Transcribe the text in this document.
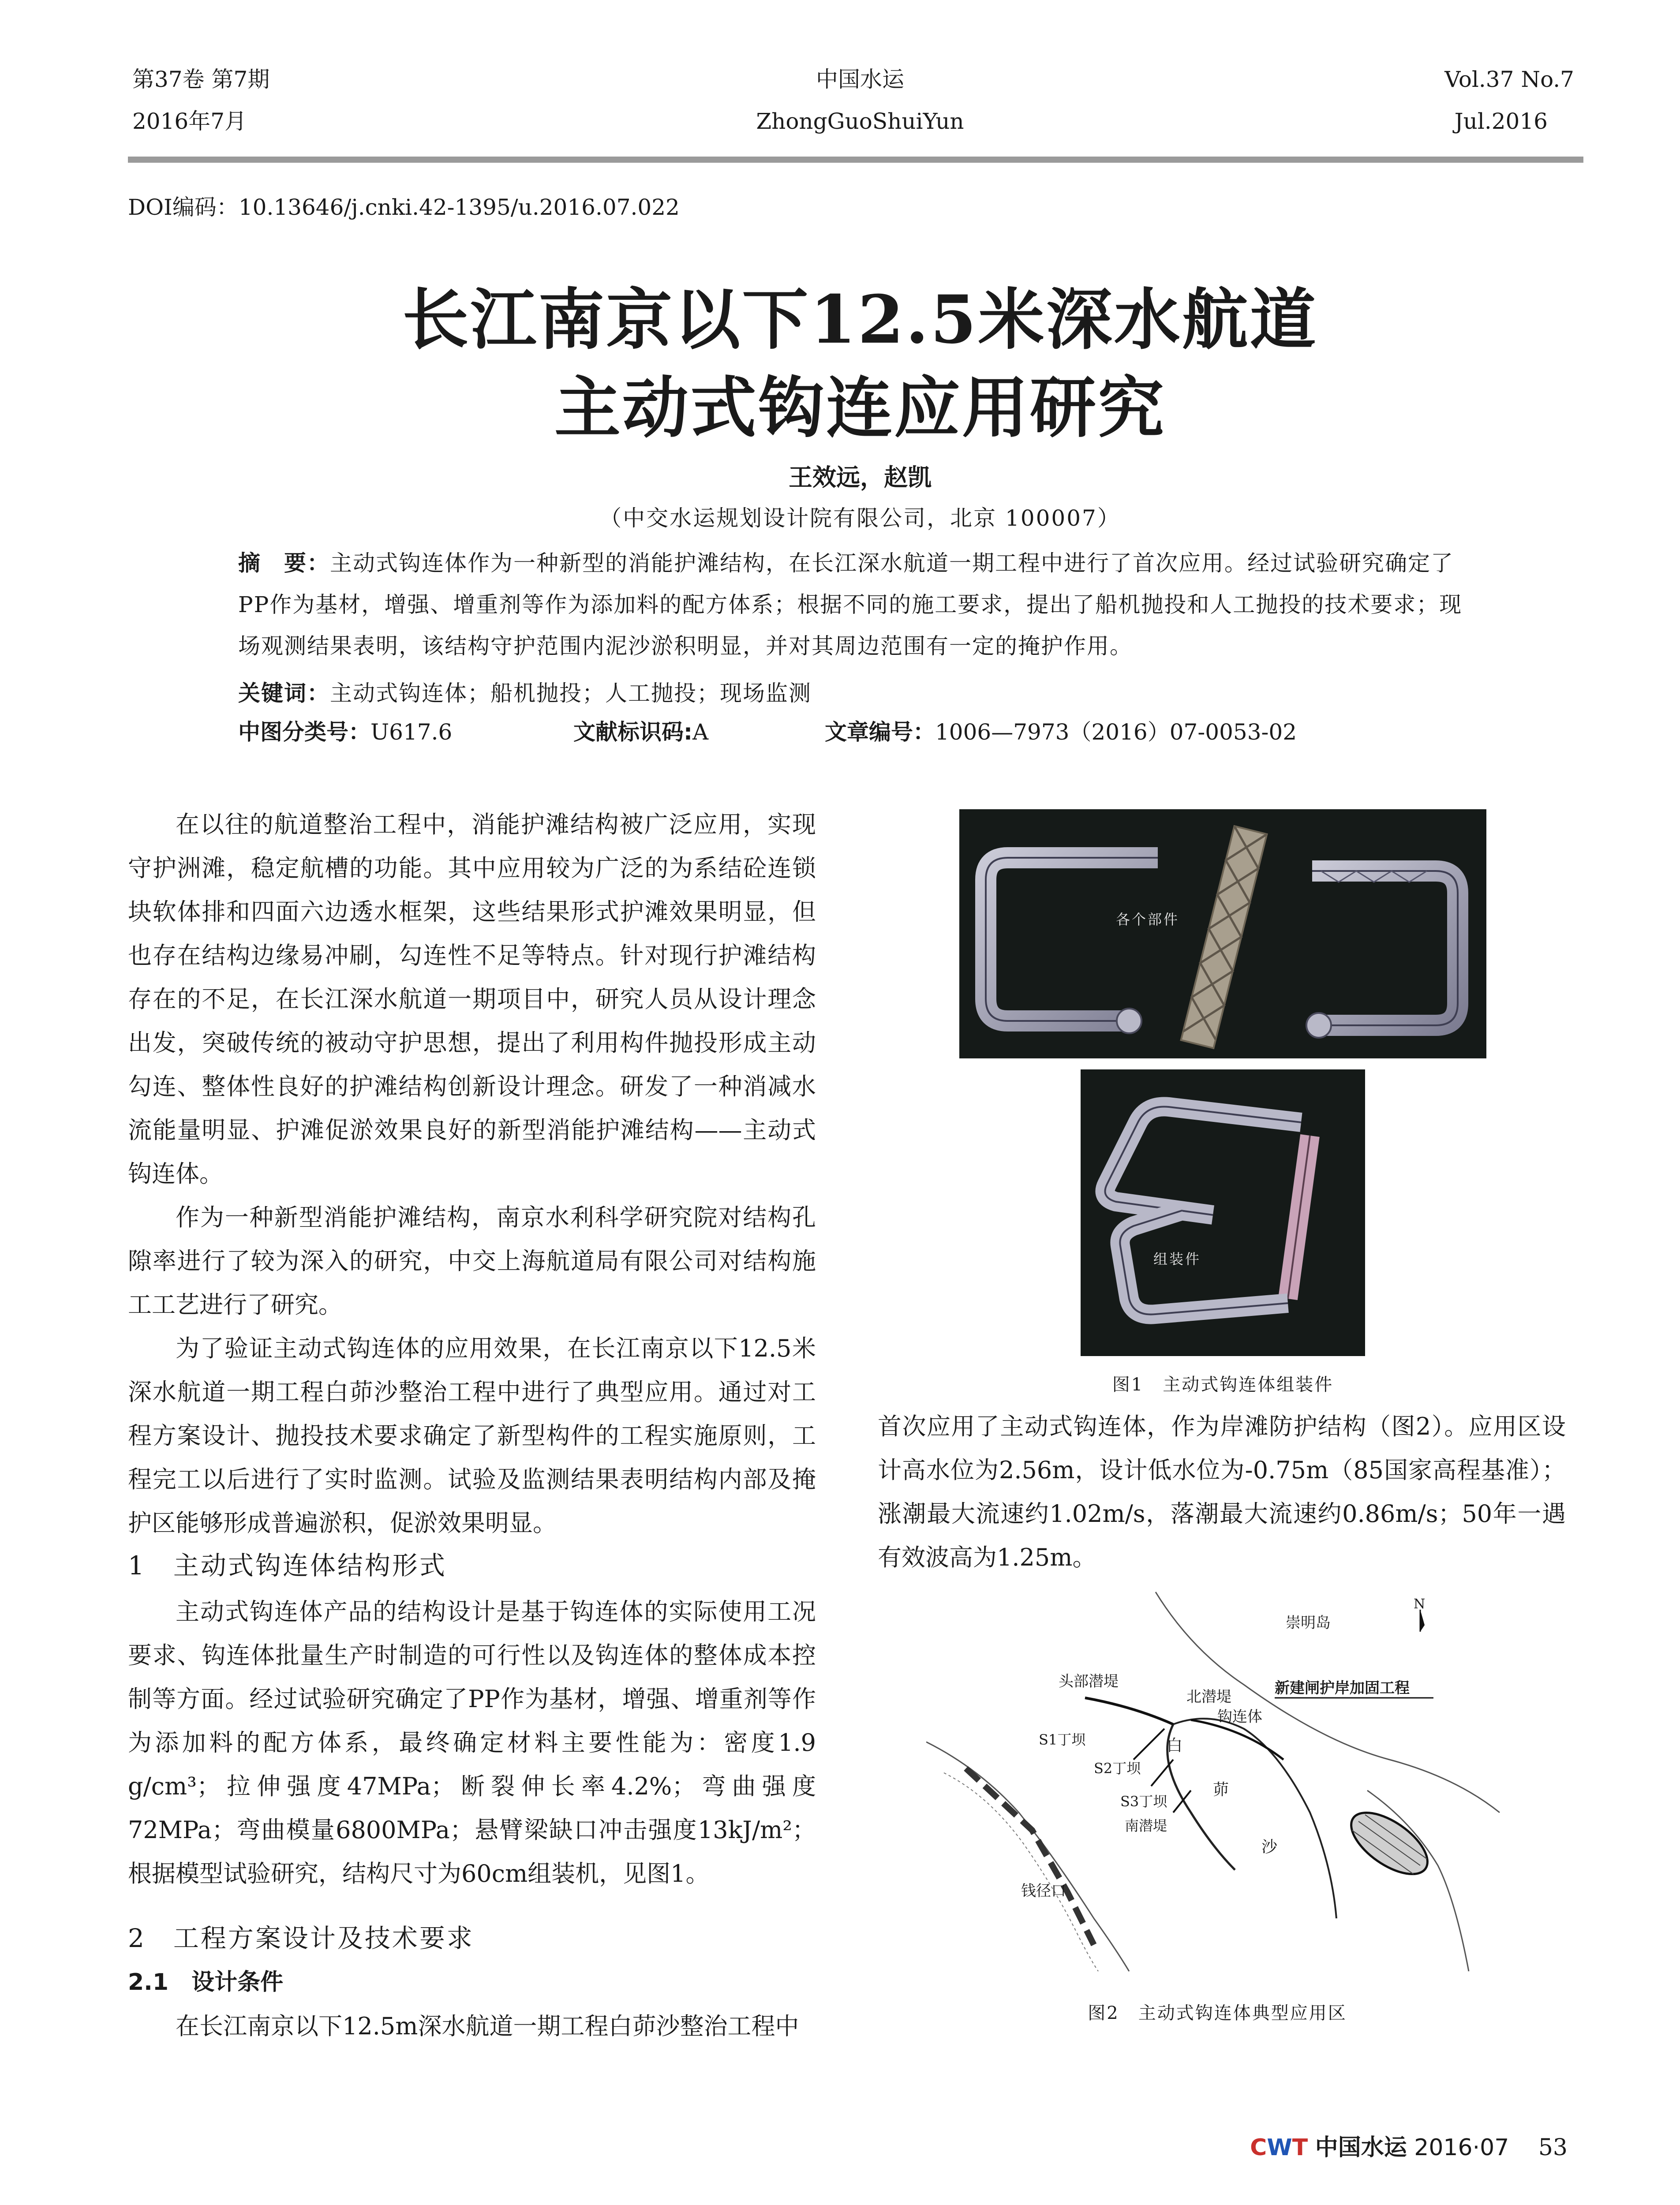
第37卷 第7期
2016年7月
中国水运
ZhongGuoShuiYun
Vol.37 No.7
Jul.2016
DOI编码：10.13646/j.cnki.42-1395/u.2016.07.022
长江南京以下12.5米深水航道
主动式钩连应用研究
王效远，赵凯
（中交水运规划设计院有限公司，北京 100007）
摘　要：主动式钩连体作为一种新型的消能护滩结构，在长江深水航道一期工程中进行了首次应用。经过试验研究确定了PP作为基材，增强、增重剂等作为添加料的配方体系；根据不同的施工要求，提出了船机抛投和人工抛投的技术要求；现场观测结果表明，该结构守护范围内泥沙淤积明显，并对其周边范围有一定的掩护作用。
关键词：主动式钩连体；船机抛投；人工抛投；现场监测
中图分类号：U617.6	文献标识码:A	文章编号：1006—7973（2016）07-0053-02

在以往的航道整治工程中，消能护滩结构被广泛应用，实现守护洲滩，稳定航槽的功能。其中应用较为广泛的为系结砼连锁块软体排和四面六边透水框架，这些结果形式护滩效果明显，但也存在结构边缘易冲刷，勾连性不足等特点。针对现行护滩结构存在的不足，在长江深水航道一期项目中，研究人员从设计理念出发，突破传统的被动守护思想，提出了利用构件抛投形成主动勾连、整体性良好的护滩结构创新设计理念。研发了一种消减水流能量明显、护滩促淤效果良好的新型消能护滩结构——主动式钩连体。

作为一种新型消能护滩结构，南京水利科学研究院对结构孔隙率进行了较为深入的研究，中交上海航道局有限公司对结构施工工艺进行了研究。

为了验证主动式钩连体的应用效果，在长江南京以下12.5米深水航道一期工程白茆沙整治工程中进行了典型应用。通过对工程方案设计、抛投技术要求确定了新型构件的工程实施原则，工程完工以后进行了实时监测。试验及监测结果表明结构内部及掩护区能够形成普遍淤积，促淤效果明显。

1　主动式钩连体结构形式

主动式钩连体产品的结构设计是基于钩连体的实际使用工况要求、钩连体批量生产时制造的可行性以及钩连体的整体成本控制等方面。经过试验研究确定了PP作为基材，增强、增重剂等作为添加料的配方体系，最终确定材料主要性能为：密度1.9 g/cm³；拉伸强度47MPa；断裂伸长率4.2%；弯曲强度72MPa；弯曲模量6800MPa；悬臂梁缺口冲击强度13kJ/m²；根据模型试验研究，结构尺寸为60cm组装机，见图1。

2　工程方案设计及技术要求
2.1　设计条件

在长江南京以下12.5m深水航道一期工程白茆沙整治工程中

各个部件
组装件
图1　主动式钩连体组装件
首次应用了主动式钩连体，作为岸滩防护结构（图2）。应用区设计高水位为2.56m，设计低水位为-0.75m（85国家高程基准）；涨潮最大流速约1.02m/s，落潮最大流速约0.86m/s；50年一遇有效波高为1.25m。
N
崇明岛
新建闸护岸加固工程
头部潜堤
北潜堤
钩连体
S1丁坝
S2丁坝
S3丁坝
南潜堤
白
茆
沙
钱径口
图2　主动式钩连体典型应用区
CWT 中国水运 2016·07 53
